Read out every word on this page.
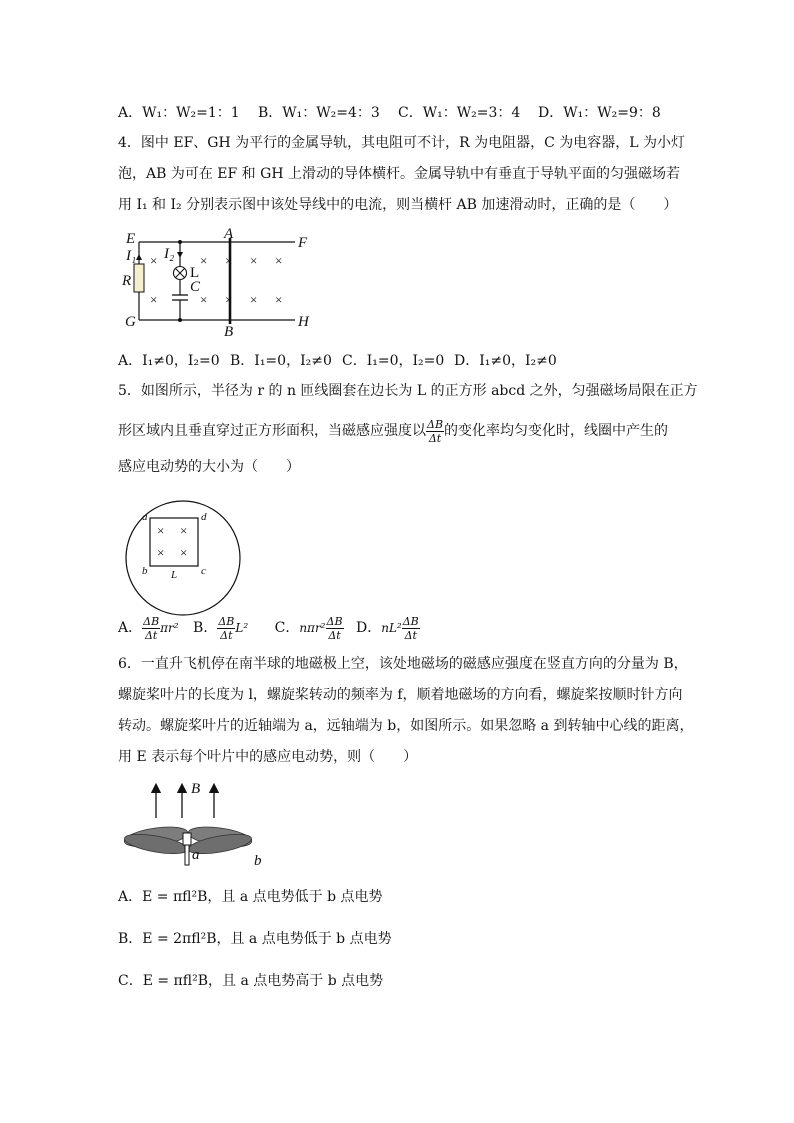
A．W₁：W₂=1：1 B．W₁：W₂=4：3 C．W₁：W₂=3：4 D．W₁：W₂=9：8
4．图中 EF、GH 为平行的金属导轨，其电阻可不计，R 为电阻器，C 为电容器，L 为小灯
泡，AB 为可在 EF 和 GH 上滑动的导体横杆。金属导轨中有垂直于导轨平面的匀强磁场若
用 I₁ 和 I₂ 分别表示图中该处导线中的电流，则当横杆 AB 加速滑动时，正确的是（　　）
×
×
×
×
×
×
×
×
×
×
E	F
G	H
A
B
R
I₁ I₂
L
C
A．I₁≠0，I₂=0 B．I₁=0，I₂≠0 C．I₁=0，I₂=0 D．I₁≠0，I₂≠0
5．如图所示，半径为 r 的 n 匝线圈套在边长为 L 的正方形 abcd 之外，匀强磁场局限在正方
形区域内且垂直穿过正方形面积，当磁感应强度以 $\frac{\Delta B}{\Delta t}$ 的变化率均匀变化时，线圈中产生的
感应电动势的大小为（　　）
× ×
× ×
a	d
b	c
L
A． $\frac{\Delta B}{\Delta t} \pi r^2$ B． $\frac{\Delta B}{\Delta t} L^2$ C．$n\pi r^2 \frac{\Delta B}{\Delta t}$ D．$nL^2 \frac{\Delta B}{\Delta t}$
6．一直升飞机停在南半球的地磁极上空，该处地磁场的磁感应强度在竖直方向的分量为 B，
螺旋桨叶片的长度为 l，螺旋桨转动的频率为 f，顺着地磁场的方向看，螺旋桨按顺时针方向
转动。螺旋桨叶片的近轴端为 a，远轴端为 b，如图所示。如果忽略 a 到转轴中心线的距离，
用 E 表示每个叶片中的感应电动势，则（　　）
B
a	b
A．E = πfl²B，且 a 点电势低于 b 点电势
B．E = 2πfl²B，且 a 点电势低于 b 点电势
C．E = πfl²B，且 a 点电势高于 b 点电势
